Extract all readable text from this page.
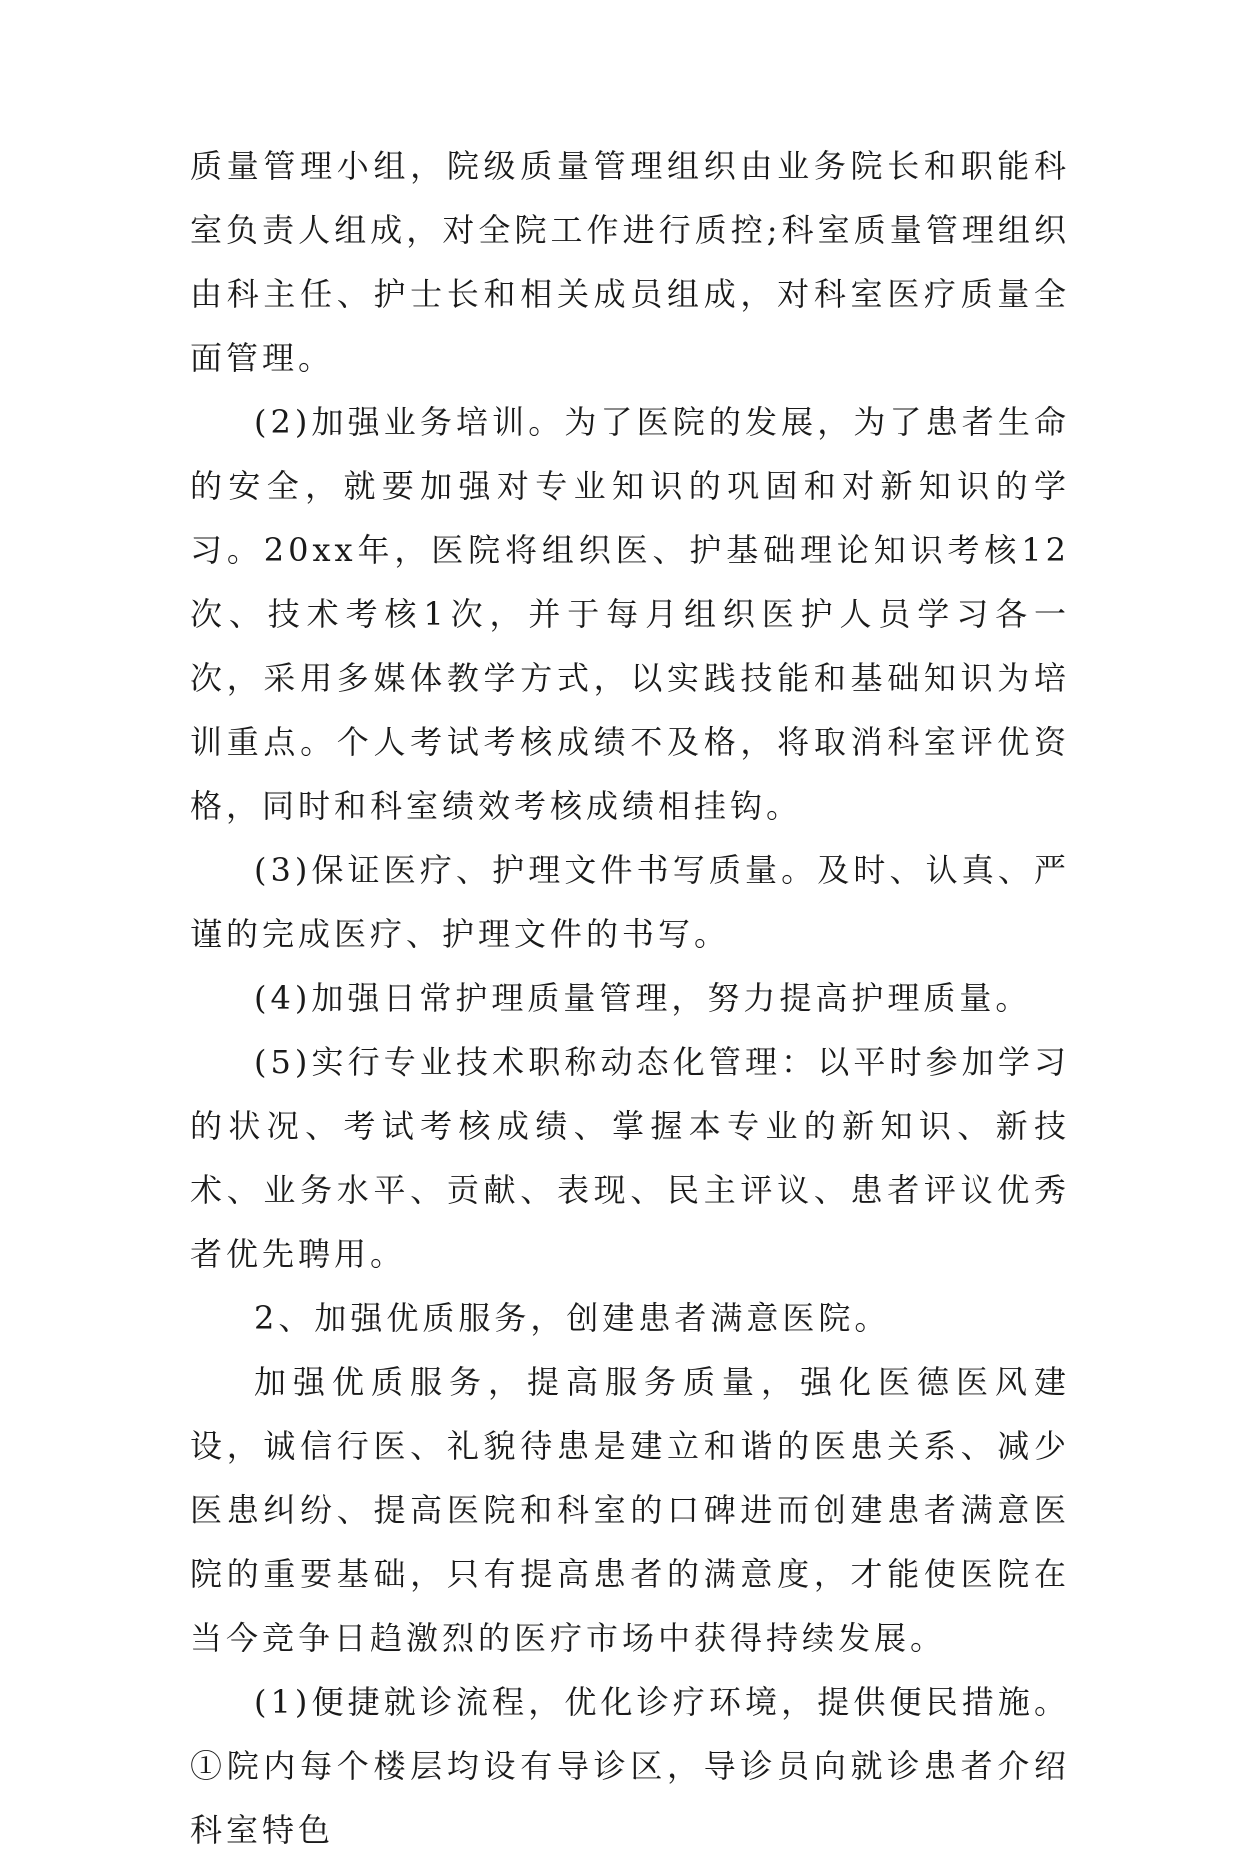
质量管理小组，院级质量管理组织由业务院长和职能科室负责人组成，对全院工作进行质控;科室质量管理组织由科主任、护士长和相关成员组成，对科室医疗质量全面管理。

(2)加强业务培训。为了医院的发展，为了患者生命的安全，就要加强对专业知识的巩固和对新知识的学习。20xx年，医院将组织医、护基础理论知识考核12次、技术考核1次，并于每月组织医护人员学习各一次，采用多媒体教学方式，以实践技能和基础知识为培训重点。个人考试考核成绩不及格，将取消科室评优资格，同时和科室绩效考核成绩相挂钩。

(3)保证医疗、护理文件书写质量。及时、认真、严谨的完成医疗、护理文件的书写。

(4)加强日常护理质量管理，努力提高护理质量。

(5)实行专业技术职称动态化管理：以平时参加学习的状况、考试考核成绩、掌握本专业的新知识、新技术、业务水平、贡献、表现、民主评议、患者评议优秀者优先聘用。

2、加强优质服务，创建患者满意医院。

加强优质服务，提高服务质量，强化医德医风建设，诚信行医、礼貌待患是建立和谐的医患关系、减少医患纠纷、提高医院和科室的口碑进而创建患者满意医院的重要基础，只有提高患者的满意度，才能使医院在当今竞争日趋激烈的医疗市场中获得持续发展。

(1)便捷就诊流程，优化诊疗环境，提供便民措施。①院内每个楼层均设有导诊区，导诊员向就诊患者介绍科室特色
